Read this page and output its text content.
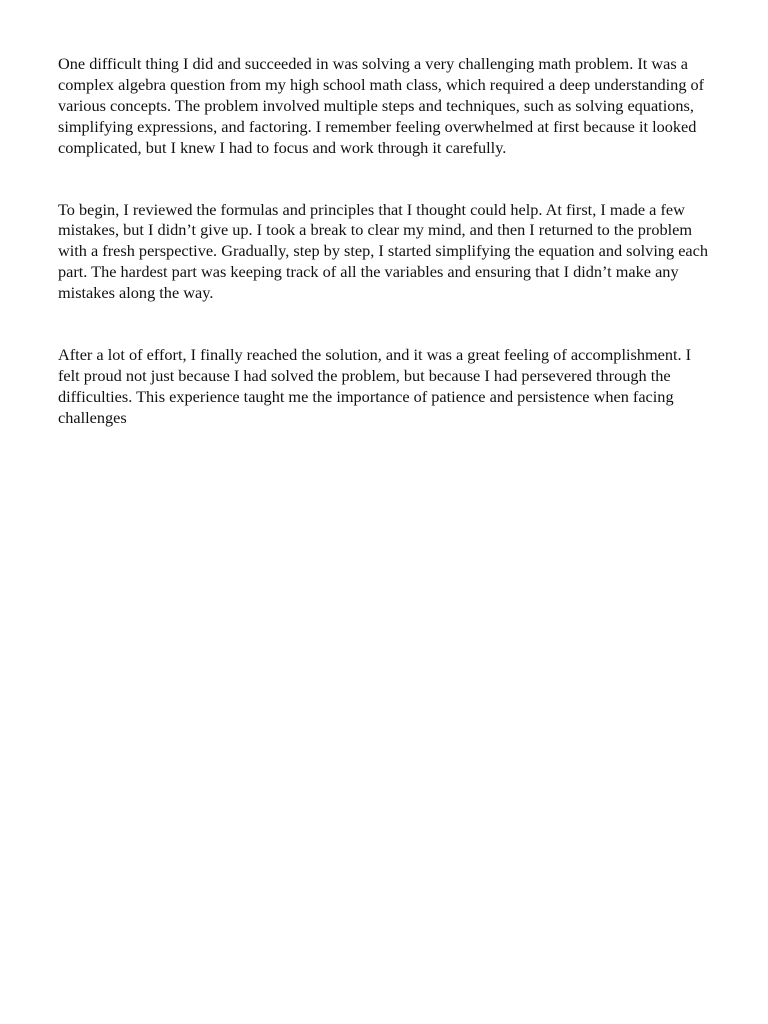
One difficult thing I did and succeeded in was solving a very challenging math problem. It was a complex algebra question from my high school math class, which required a deep understanding of various concepts. The problem involved multiple steps and techniques, such as solving equations, simplifying expressions, and factoring. I remember feeling overwhelmed at first because it looked complicated, but I knew I had to focus and work through it carefully.

To begin, I reviewed the formulas and principles that I thought could help. At first, I made a few mistakes, but I didn’t give up. I took a break to clear my mind, and then I returned to the problem with a fresh perspective. Gradually, step by step, I started simplifying the equation and solving each part. The hardest part was keeping track of all the variables and ensuring that I didn’t make any mistakes along the way.

After a lot of effort, I finally reached the solution, and it was a great feeling of accomplishment. I felt proud not just because I had solved the problem, but because I had persevered through the difficulties. This experience taught me the importance of patience and persistence when facing challenges
